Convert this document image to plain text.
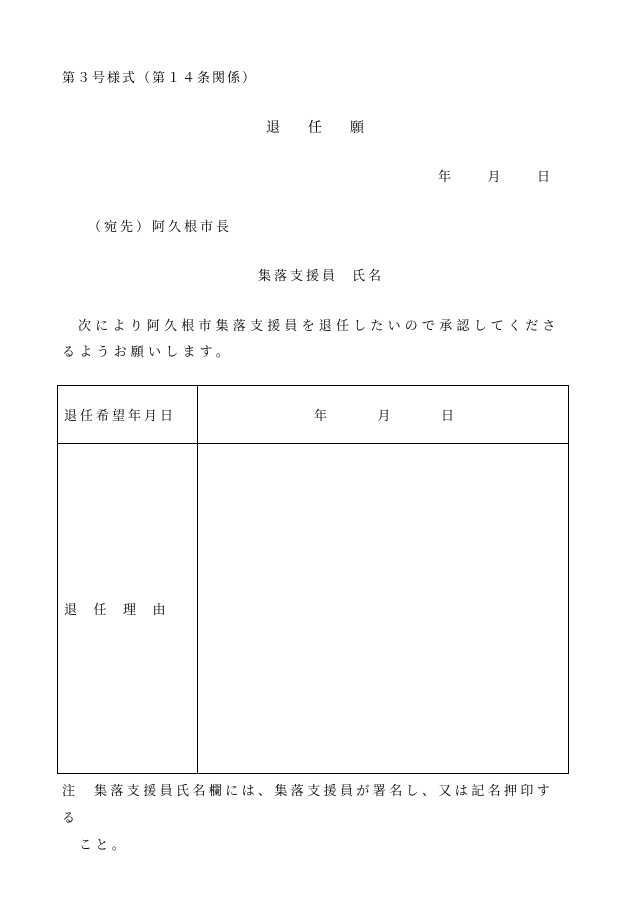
第３号様式（第１４条関係）
退任願
年	月	日
（宛先）阿久根市長
集落支援員 氏名
次により阿久根市集落支援員を退任したいので承認してくださるようお願いします。
退任希望年月日	年 月 日

退 任 理 由	

注 集落支援員氏名欄には、集落支援員が署名し、又は記名押印する
こと。
